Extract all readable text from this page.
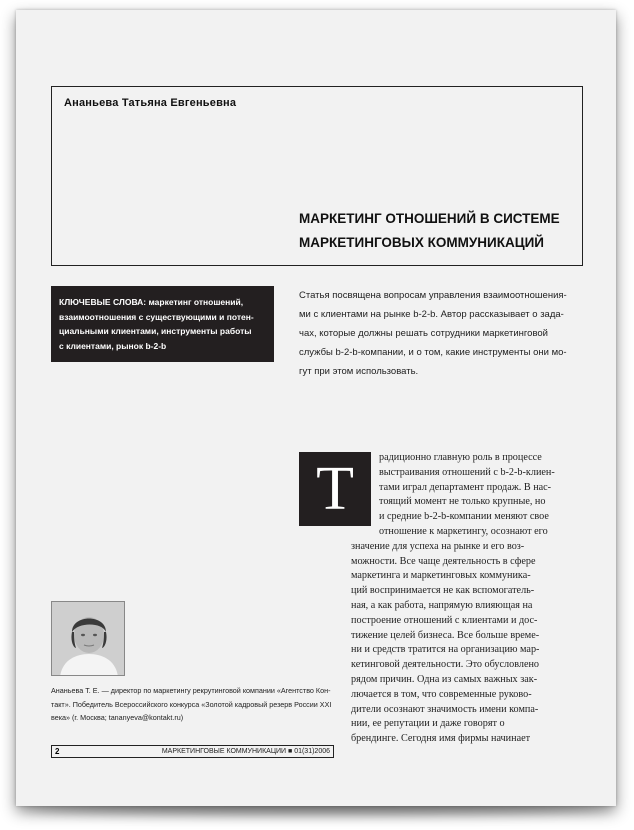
Ананьева Татьяна Евгеньевна
МАРКЕТИНГ ОТНОШЕНИЙ В СИСТЕМЕ
МАРКЕТИНГОВЫХ КОММУНИКАЦИЙ
КЛЮЧЕВЫЕ СЛОВА: маркетинг отношений,
взаимоотношения с существующими и потен-
циальными клиентами, инструменты работы
с клиентами, рынок b-2-b
Статья посвящена вопросам управления взаимоотношения-
ми с клиентами на рынке b-2-b. Автор рассказывает о зада-
чах, которые должны решать сотрудники маркетинговой
службы b-2-b-компании, и о том, какие инструменты они мо-
гут при этом использовать.
Т	радиционно главную роль в процессе
выстраивания отношений с b-2-b-клиен-
тами играл департамент продаж. В нас-
тоящий момент не только крупные, но
и средние b-2-b-компании меняют свое
отношение к маркетингу, осознают его
значение для успеха на рынке и его воз-
можности. Все чаще деятельность в сфере
маркетинга и маркетинговых коммуника-
ций воспринимается не как вспомогатель-
ная, а как работа, напрямую влияющая на
построение отношений с клиентами и дос-
тижение целей бизнеса. Все больше време-
ни и средств тратится на организацию мар-
кетинговой деятельности. Это обусловлено
рядом причин. Одна из самых важных зак-
лючается в том, что современные руково-
дители осознают значимость имени компа-
нии, ее репутации и даже говорят о
брендинге. Сегодня имя фирмы начинает
Ананьева Т. Е. — директор по маркетингу рекрутинговой компании «Агентство Кон-
такт». Победитель Всероссийского конкурса «Золотой кадровый резерв России XXI
века» (г. Москва; tananyeva@kontakt.ru)
2	МАРКЕТИНГОВЫЕ КОММУНИКАЦИИ ■ 01(31)2006
